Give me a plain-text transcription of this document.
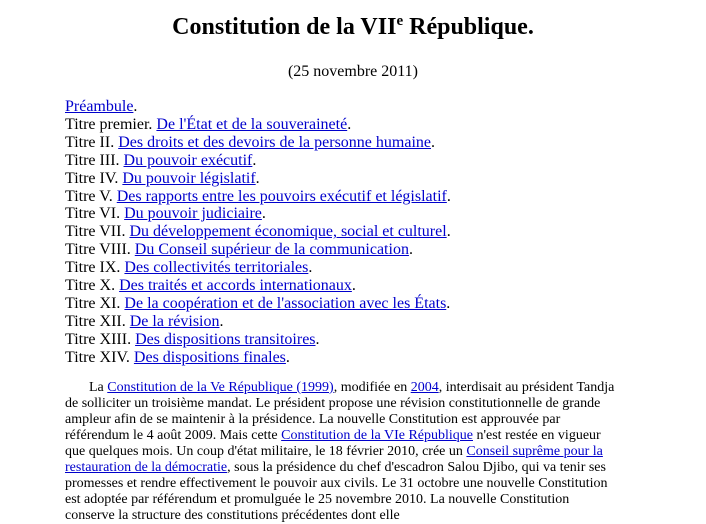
Constitution de la VIIe République.
(25 novembre 2011)
Préambule.
Titre premier. De l'État et de la souveraineté.
Titre II. Des droits et des devoirs de la personne humaine.
Titre III. Du pouvoir exécutif.
Titre IV. Du pouvoir législatif.
Titre V. Des rapports entre les pouvoirs exécutif et législatif.
Titre VI. Du pouvoir judiciaire.
Titre VII. Du développement économique, social et culturel.
Titre VIII. Du Conseil supérieur de la communication.
Titre IX. Des collectivités territoriales.
Titre X. Des traités et accords internationaux.
Titre XI. De la coopération et de l'association avec les États.
Titre XII. De la révision.
Titre XIII. Des dispositions transitoires.
Titre XIV. Des dispositions finales.

La Constitution de la Ve République (1999), modifiée en 2004, interdisait au président Tandja de solliciter un troisième mandat. Le président propose une révision constitutionnelle de grande ampleur afin de se maintenir à la présidence. La nouvelle Constitution est approuvée par référendum le 4 août 2009. Mais cette Constitution de la VIe République n'est restée en vigueur que quelques mois. Un coup d'état militaire, le 18 février 2010, crée un Conseil suprême pour la restauration de la démocratie, sous la présidence du chef d'escadron Salou Djibo, qui va tenir ses promesses et rendre effectivement le pouvoir aux civils. Le 31 octobre une nouvelle Constitution est adoptée par référendum et promulguée le 25 novembre 2010. La nouvelle Constitution conserve la structure des constitutions précédentes dont elle
